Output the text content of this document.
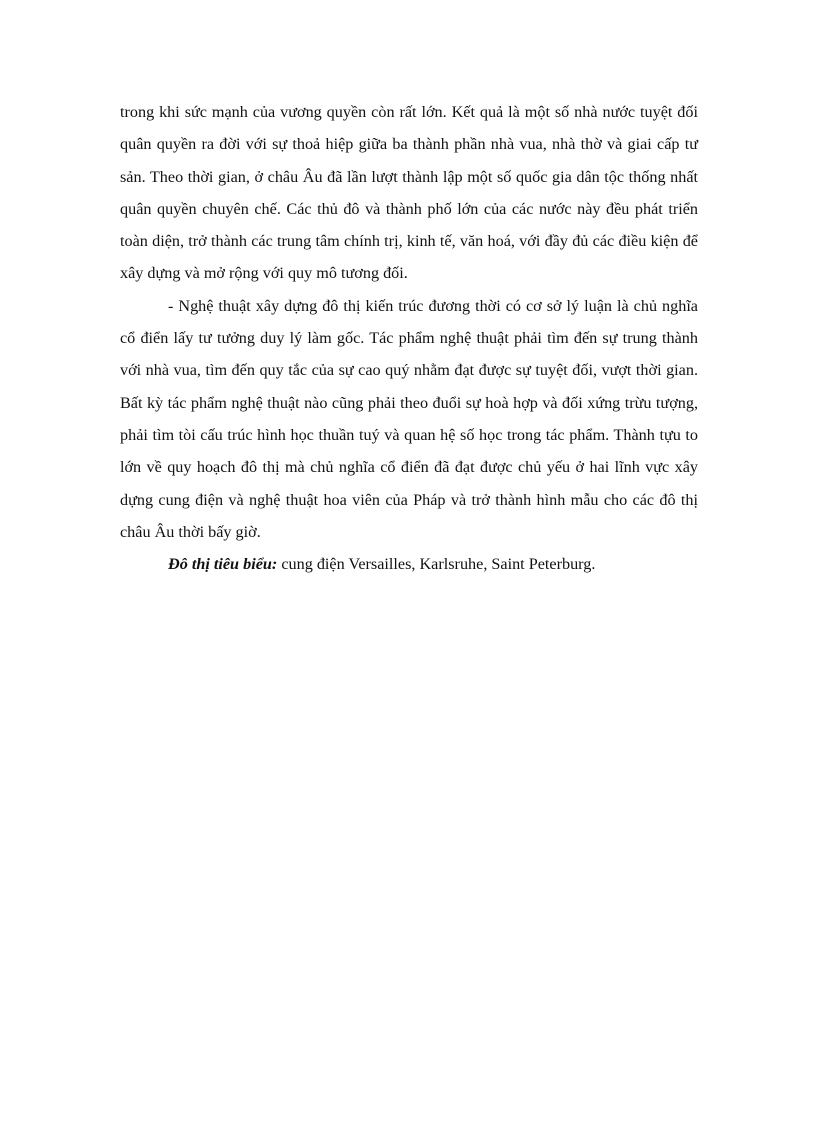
trong khi sức mạnh của vương quyền còn rất lớn. Kết quả là một số nhà nước tuyệt đối quân quyền ra đời với sự thoả hiệp giữa ba thành phần nhà vua, nhà thờ và giai cấp tư sản. Theo thời gian, ở châu Âu đã lần lượt thành lập một số quốc gia dân tộc thống nhất quân quyền chuyên chế. Các thủ đô và thành phố lớn của các nước này đều phát triển toàn diện, trở thành các trung tâm chính trị, kinh tế, văn hoá, với đầy đủ các điều kiện để xây dựng và mở rộng với quy mô tương đối.

- Nghệ thuật xây dựng đô thị kiến trúc đương thời có cơ sở lý luận là chủ nghĩa cổ điển lấy tư tưởng duy lý làm gốc. Tác phẩm nghệ thuật phải tìm đến sự trung thành với nhà vua, tìm đến quy tắc của sự cao quý nhằm đạt được sự tuyệt đối, vượt thời gian. Bất kỳ tác phẩm nghệ thuật nào cũng phải theo đuổi sự hoà hợp và đối xứng trừu tượng, phải tìm tòi cấu trúc hình học thuần tuý và quan hệ số học trong tác phẩm. Thành tựu to lớn về quy hoạch đô thị mà chủ nghĩa cổ điển đã đạt được chủ yếu ở hai lĩnh vực xây dựng cung điện và nghệ thuật hoa viên của Pháp và trở thành hình mẫu cho các đô thị châu Âu thời bấy giờ.

Đô thị tiêu biểu: cung điện Versailles, Karlsruhe, Saint Peterburg.
